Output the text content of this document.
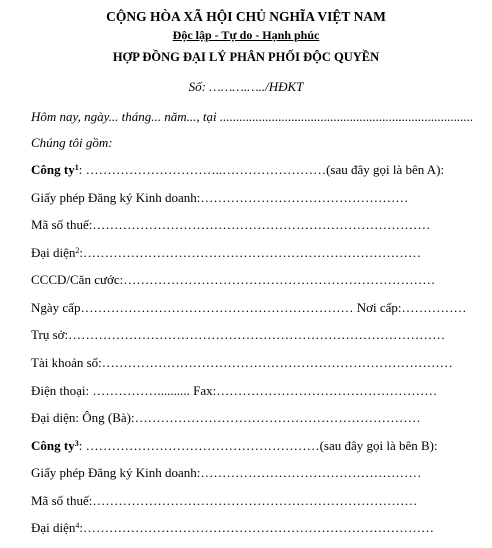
CỘNG HÒA XÃ HỘI CHỦ NGHĨA VIỆT NAM
Độc lập - Tự do - Hạnh phúc
HỢP ĐỒNG ĐẠI LÝ PHÂN PHỐI ĐỘC QUYỀN
Số: ……….…../HĐKT
Hôm nay, ngày... tháng... năm..., tại ..............................................................................
Chúng tôi gồm:
Công $ty^1$: …………………………..……………………(sau đây gọi là bên A):
Giấy phép Đăng ký Kinh doanh:…………………………………………
Mã số thuế:……………………………………………………………………
Đại diện$^2$:……………………………………………………………………
CCCD/Căn cước:………………………………………………………………
Ngày cấp……………………………………………………… Nơi cấp:……………
Trụ sở:……………………………………………………………………………
Tài khoản số:………………………………………………………………………
Điện thoại: …………….......... Fax:……………………………………………
Đại diện: Ông (Bà):…………………………………………………………
Công $ty^3$: ………………………………………………(sau đây gọi là bên B):
Giấy phép Đăng ký Kinh doanh:……………………………………………
Mã số thuế:…………………………………………………………………
Đại diện$^4$:………………………………………………………………………
